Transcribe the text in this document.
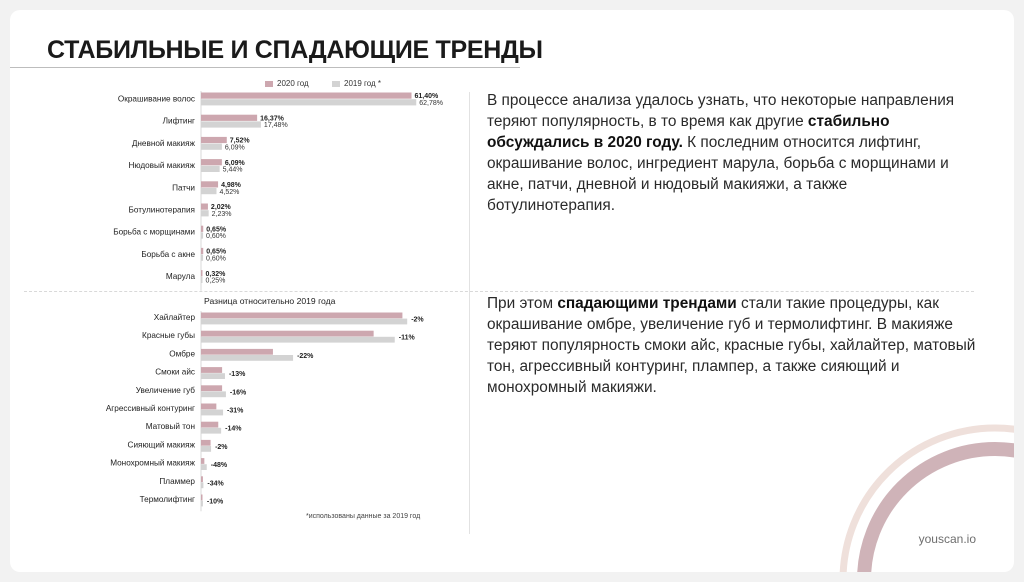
СТАБИЛЬНЫЕ И СПАДАЮЩИЕ ТРЕНДЫ
2020 год	2019 год *
Разница относительно 2019 года
Окрашивание волос	61,40%
62,78%
Лифтинг	16,37%
17,48%
Дневной макияж	7,52%
6,09%
Нюдовый макияж	6,09%
5,44%
Патчи	4,98%
4,52%
Ботулинотерапия 2,02%
2,23%
Борьба с морщинами 0,65%
0,60%
Борьба с акне 0,65%
0,60%
Марула 0,32%
0,25%
Хайлайтер	-2%
Красные губы	-11%
Омбре	-22%
Смоки айс	-13%
Увеличение губ	-16%
Агрессивный контуринг	-31%
Матовый тон	-14%
Сияющий макияж	-2%
Монохромный макияж -48%
Пламмер -34%
Термолифтинг -10%
*использованы данные за 2019 год

В процессе анализа удалось узнать, что некоторые направления теряют популярность, в то время как другие стабильно обсуждались в 2020 году. К последним относится лифтинг, окрашивание волос, ингредиент марула, борьба с морщинами и акне, патчи, дневной и нюдовый макияжи, а также ботулинотерапия.

При этом спадающими трендами стали такие процедуры, как окрашивание омбре, увеличение губ и термолифтинг. В макияже теряют популярность смоки айс, красные губы, хайлайтер, матовый тон, агрессивный контуринг, плампер, а также сияющий и монохромный макияжи.

youscan.io
